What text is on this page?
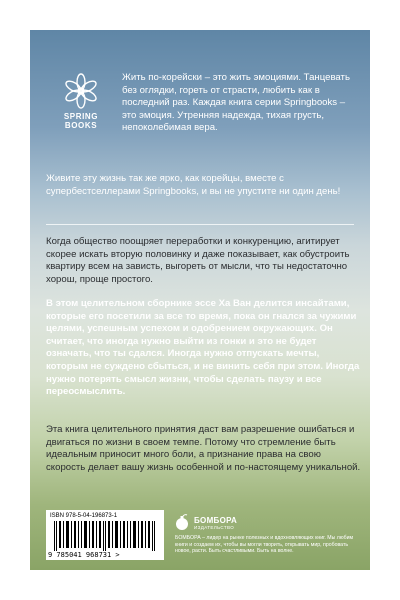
SPRING
BOOKS
Жить по-корейски – это жить эмоциями. Танцевать без оглядки, гореть от страсти, любить как в последний раз. Каждая книга серии Springbooks – это эмоция. Утренняя надежда, тихая грусть, непоколебимая вера.
Живите эту жизнь так же ярко, как корейцы, вместе с супербестселлерами Springbooks, и вы не упустите ни один день!
Когда общество поощряет переработки и конкуренцию, агитирует скорее искать вторую половинку и даже показывает, как обустроить квартиру всем на зависть, выгореть от мысли, что ты недостаточно хорош, проще простого.
В этом целительном сборнике эссе Ха Ван делится инсайтами, которые его посетили за все то время, пока он гнался за чужими целями, успешным успехом и одобрением окружающих. Он считает, что иногда нужно выйти из гонки и это не будет означать, что ты сдался. Иногда нужно отпускать мечты, которым не суждено сбыться, и не винить себя при этом. Иногда нужно потерять смысл жизни, чтобы сделать паузу и все переосмыслить.
Эта книга целительного принятия даст вам разрешение ошибаться и двигаться по жизни в своем темпе. Потому что стремление быть идеальным приносит много боли, а признание права на свою скорость делает вашу жизнь особенной и по-настоящему уникальной.
ISBN 978-5-04-196873-1
9 785041 968731 >
БОМБОРА
ИЗДАТЕЛЬСТВО
БОМБОРА – лидер на рынке полезных и вдохновляющих книг. Мы любим книги и создаем их, чтобы вы могли творить, открывать мир, пробовать новое, расти. Быть счастливыми. Быть на волне.
